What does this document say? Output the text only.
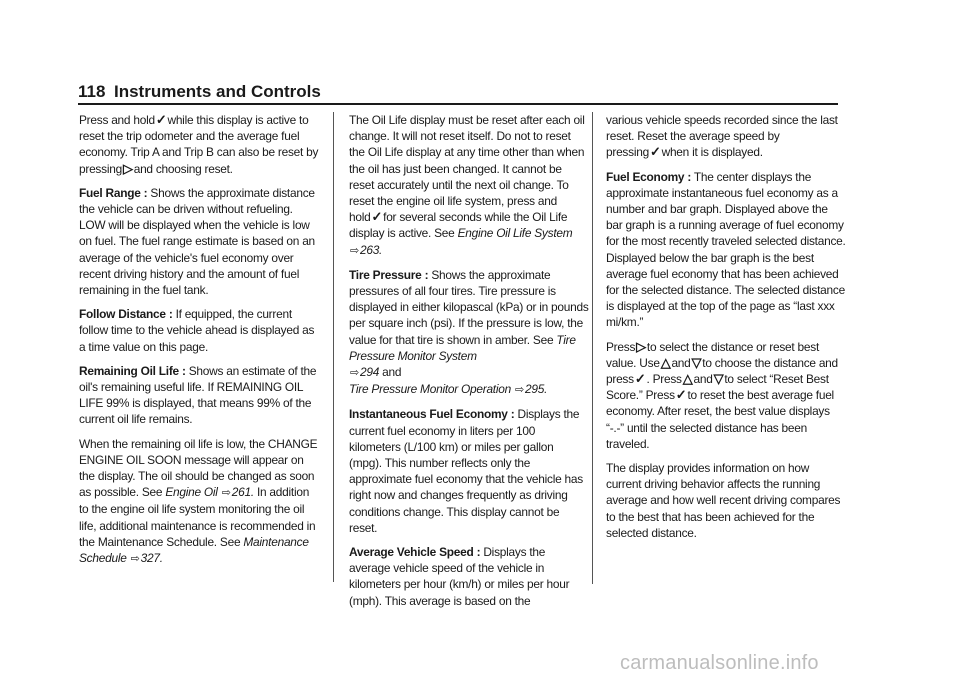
118 Instruments and Controls

Press and hold✓while this display is active to reset the trip odometer and the average fuel economy. Trip A and Trip B can also be reset by pressing▷and choosing reset.

Fuel Range : Shows the approximate distance the vehicle can be driven without refueling. LOW will be displayed when the vehicle is low on fuel. The fuel range estimate is based on an average of the vehicle's fuel economy over recent driving history and the amount of fuel remaining in the fuel tank.

Follow Distance : If equipped, the current follow time to the vehicle ahead is displayed as a time value on this page.

Remaining Oil Life : Shows an estimate of the oil's remaining useful life. If REMAINING OIL LIFE 99% is displayed, that means 99% of the current oil life remains.

When the remaining oil life is low, the CHANGE ENGINE OIL SOON message will appear on the display. The oil should be changed as soon as possible. See Engine Oil ⇨261. In addition to the engine oil life system monitoring the oil life, additional maintenance is recommended in the Maintenance Schedule. See Maintenance Schedule ⇨327.

The Oil Life display must be reset after each oil change. It will not reset itself. Do not to reset the Oil Life display at any time other than when the oil has just been changed. It cannot be reset accurately until the next oil change. To reset the engine oil life system, press and hold✓for several seconds while the Oil Life display is active. See Engine Oil Life System ⇨263.

Tire Pressure : Shows the approximate pressures of all four tires. Tire pressure is displayed in either kilopascal (kPa) or in pounds per square inch (psi). If the pressure is low, the value for that tire is shown in amber. See Tire Pressure Monitor System
⇨294 and
Tire Pressure Monitor Operation ⇨295.

Instantaneous Fuel Economy : Displays the current fuel economy in liters per 100 kilometers (L/100 km) or miles per gallon (mpg). This number reflects only the approximate fuel economy that the vehicle has right now and changes frequently as driving conditions change. This display cannot be reset.

Average Vehicle Speed : Displays the average vehicle speed of the vehicle in kilometers per hour (km/h) or miles per hour (mph). This average is based on the

various vehicle speeds recorded since the last reset. Reset the average speed by pressing✓when it is displayed.

Fuel Economy : The center displays the approximate instantaneous fuel economy as a number and bar graph. Displayed above the bar graph is a running average of fuel economy for the most recently traveled selected distance. Displayed below the bar graph is the best average fuel economy that has been achieved for the selected distance. The selected distance is displayed at the top of the page as “last xxx mi/km.”

Press▷to select the distance or reset best value. Use△and▽to choose the distance and press✓. Press△and▽to select “Reset Best Score.” Press✓to reset the best average fuel economy. After reset, the best value displays “-.-” until the selected distance has been traveled.

The display provides information on how current driving behavior affects the running average and how well recent driving compares to the best that has been achieved for the selected distance.

carmanualsonline.info
